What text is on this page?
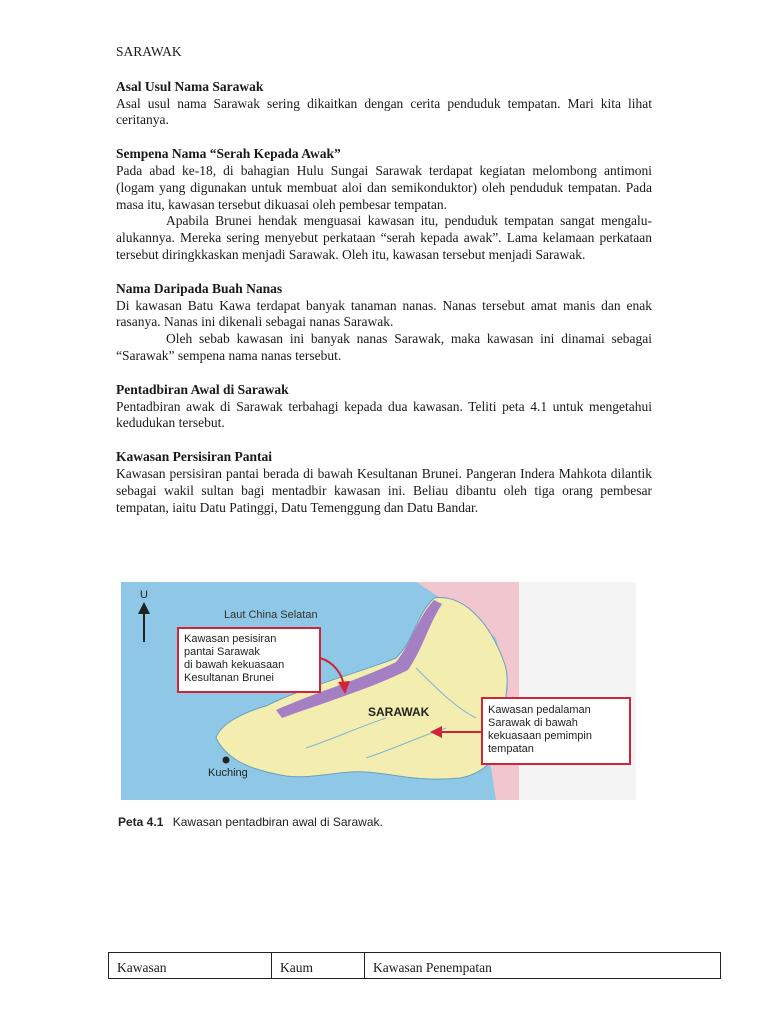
SARAWAK
Asal Usul Nama Sarawak

Asal usul nama Sarawak sering dikaitkan dengan cerita penduduk tempatan. Mari kita lihat ceritanya.

Sempena Nama “Serah Kepada Awak”

Pada abad ke-18, di bahagian Hulu Sungai Sarawak terdapat kegiatan melombong antimoni (logam yang digunakan untuk membuat aloi dan semikonduktor) oleh penduduk tempatan. Pada masa itu, kawasan tersebut dikuasai oleh pembesar tempatan.

Apabila Brunei hendak menguasai kawasan itu, penduduk tempatan sangat mengalu-alukannya. Mereka sering menyebut perkataan “serah kepada awak”. Lama kelamaan perkataan tersebut diringkkaskan menjadi Sarawak. Oleh itu, kawasan tersebut menjadi Sarawak.

Nama Daripada Buah Nanas

Di kawasan Batu Kawa terdapat banyak tanaman nanas. Nanas tersebut amat manis dan enak rasanya. Nanas ini dikenali sebagai nanas Sarawak.

Oleh sebab kawasan ini banyak nanas Sarawak, maka kawasan ini dinamai sebagai “Sarawak” sempena nama nanas tersebut.

Pentadbiran Awal di Sarawak

Pentadbiran awak di Sarawak terbahagi kepada dua kawasan. Teliti peta 4.1 untuk mengetahui kedudukan tersebut.

Kawasan Persisiran Pantai

Kawasan persisiran pantai berada di bawah Kesultanan Brunei. Pangeran Indera Mahkota dilantik sebagai wakil sultan bagi mentadbir kawasan ini. Beliau dibantu oleh tiga orang pembesar tempatan, iaitu Datu Patinggi, Datu Temenggung dan Datu Bandar.

U
Laut China Selatan
Kawasan pesisiran pantai Sarawak di bawah kekuasaan Kesultanan Brunei
SARAWAK	Kawasan pedalaman Sarawak di bawah kekuasaan pemimpin tempatan
Kuching
Peta 4.1 Kawasan pentadbiran awal di Sarawak.
Kawasan	Kaum	Kawasan Penempatan
